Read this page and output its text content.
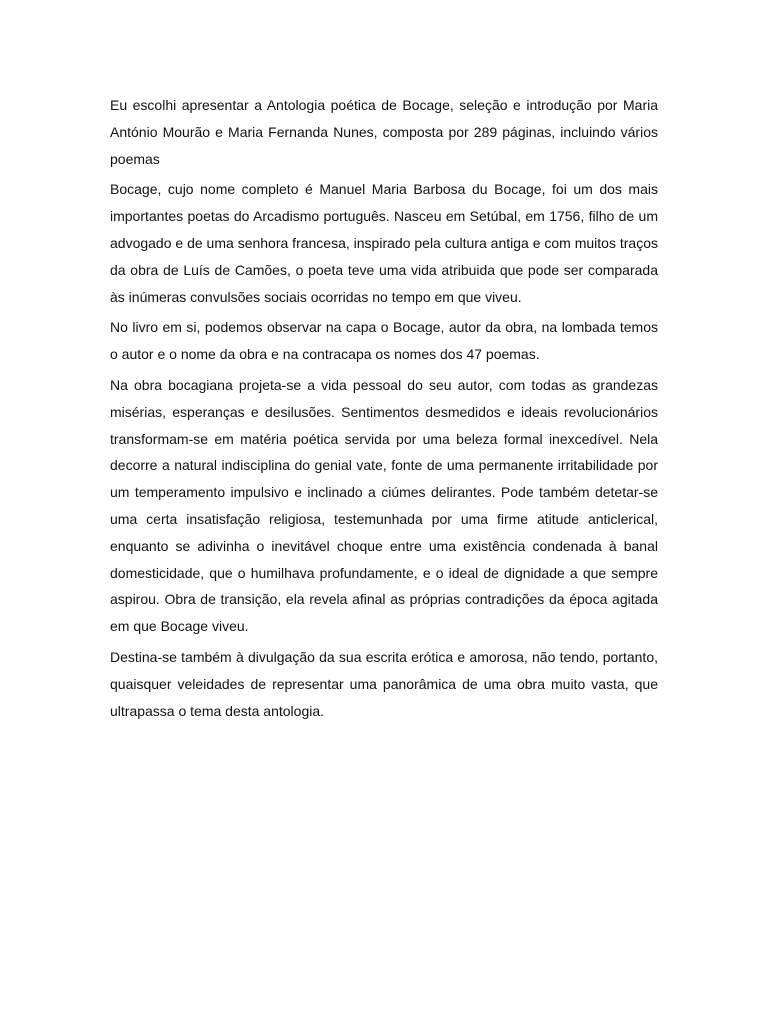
Eu escolhi apresentar a Antologia poética de Bocage, seleção e introdução por Maria António Mourão e Maria Fernanda Nunes, composta por 289 páginas, incluindo vários poemas

Bocage, cujo nome completo é Manuel Maria Barbosa du Bocage, foi um dos mais importantes poetas do Arcadismo português. Nasceu em Setúbal, em 1756, filho de um advogado e de uma senhora francesa, inspirado pela cultura antiga e com muitos traços da obra de Luís de Camões, o poeta teve uma vida atribuida que pode ser comparada às inúmeras convulsões sociais ocorridas no tempo em que viveu.

No livro em si, podemos observar na capa o Bocage, autor da obra, na lombada temos o autor e o nome da obra e na contracapa os nomes dos 47 poemas.

Na obra bocagiana projeta-se a vida pessoal do seu autor, com todas as grandezas misérias, esperanças e desilusões. Sentimentos desmedidos e ideais revolucionários transformam-se em matéria poética servida por uma beleza formal inexcedível. Nela decorre a natural indisciplina do genial vate, fonte de uma permanente irritabilidade por um temperamento impulsivo e inclinado a ciúmes delirantes. Pode também detetar-se uma certa insatisfação religiosa, testemunhada por uma firme atitude anticlerical, enquanto se adivinha o inevitável choque entre uma existência condenada à banal domesticidade, que o humilhava profundamente, e o ideal de dignidade a que sempre aspirou. Obra de transição, ela revela afinal as próprias contradições da época agitada em que Bocage viveu.

Destina-se também à divulgação da sua escrita erótica e amorosa, não tendo, portanto, quaisquer veleidades de representar uma panorâmica de uma obra muito vasta, que ultrapassa o tema desta antologia.
